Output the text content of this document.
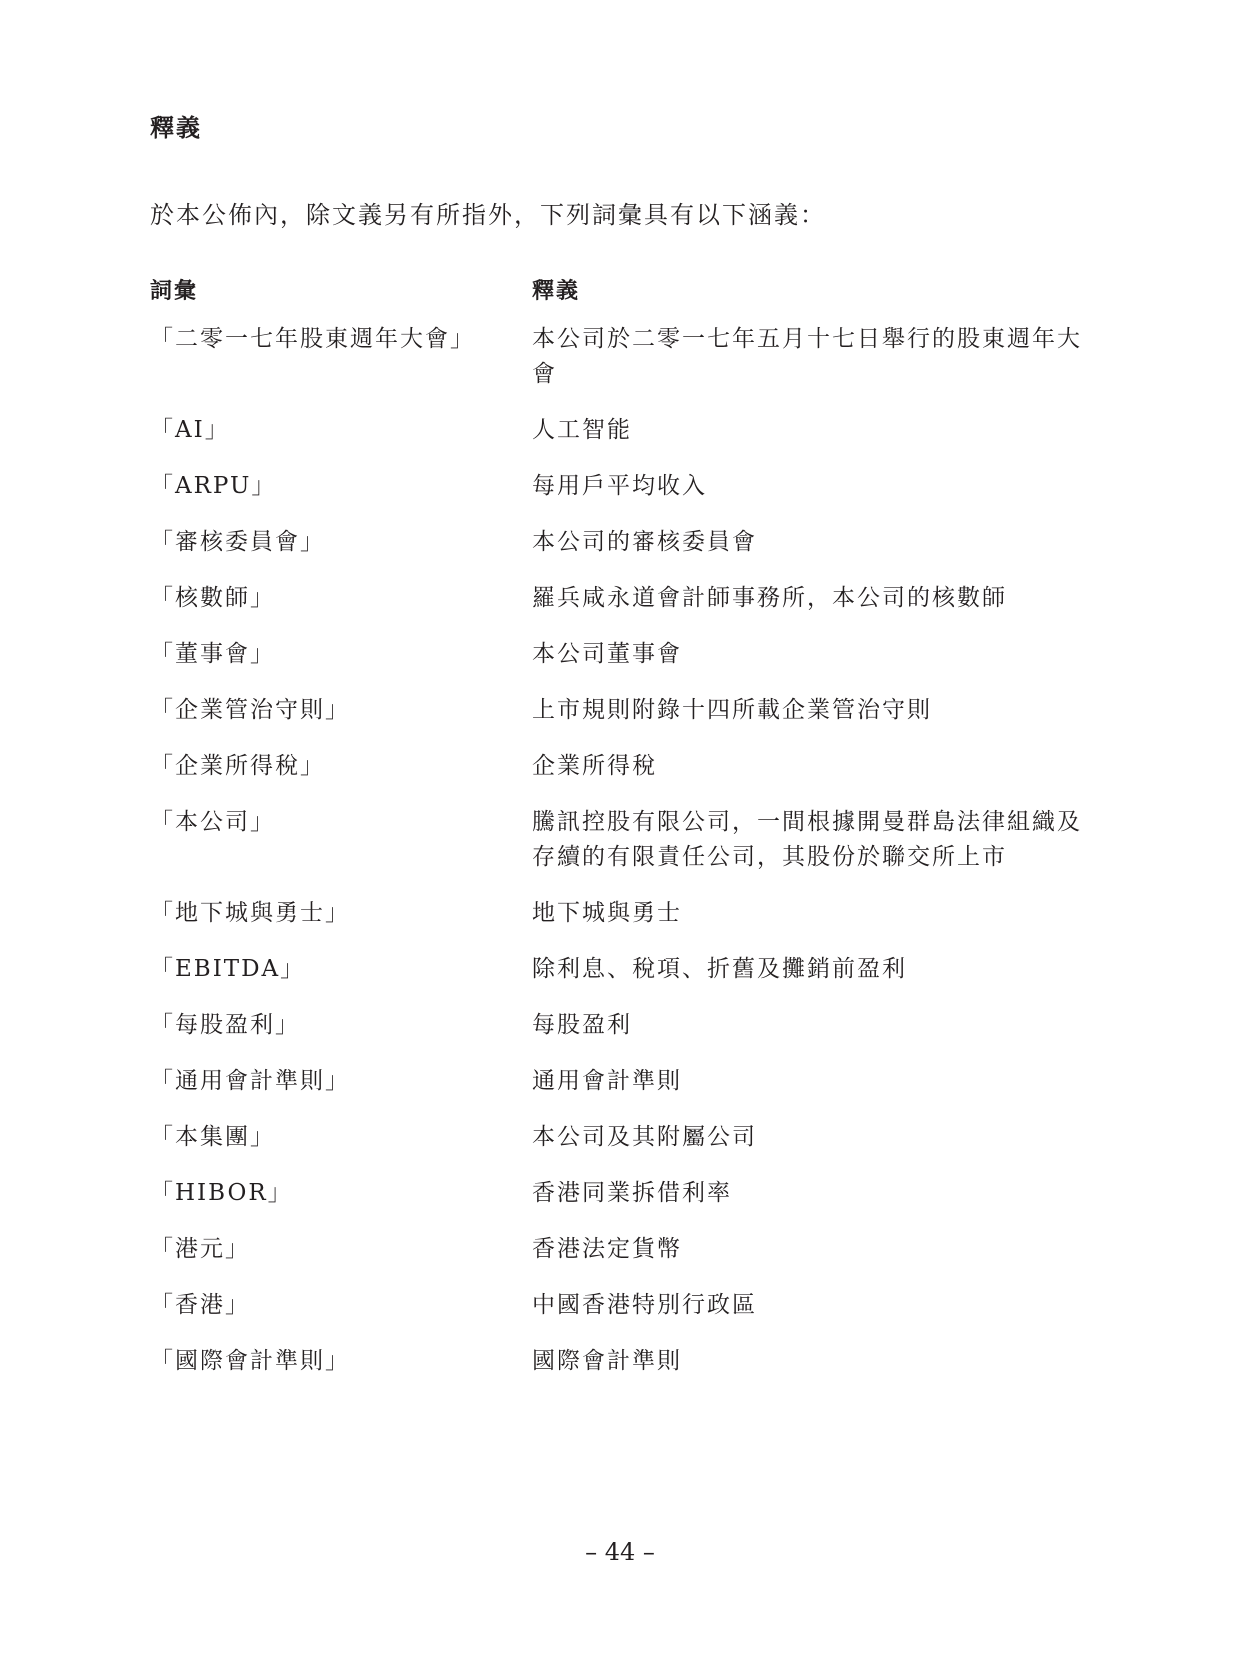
釋義

於本公佈內，除文義另有所指外，下列詞彙具有以下涵義：

詞彙	釋義
「二零一七年股東週年大會」	本公司於二零一七年五月十七日舉行的股東週年大會
「AI」	人工智能
「ARPU」	每用戶平均收入
「審核委員會」	本公司的審核委員會
「核數師」	羅兵咸永道會計師事務所，本公司的核數師
「董事會」	本公司董事會
「企業管治守則」	上市規則附錄十四所載企業管治守則
「企業所得稅」	企業所得稅
「本公司」	騰訊控股有限公司，一間根據開曼群島法律組織及存續的有限責任公司，其股份於聯交所上市
「地下城與勇士」	地下城與勇士
「EBITDA」	除利息、稅項、折舊及攤銷前盈利
「每股盈利」	每股盈利
「通用會計準則」	通用會計準則
「本集團」	本公司及其附屬公司
「HIBOR」	香港同業拆借利率
「港元」	香港法定貨幣
「香港」	中國香港特別行政區
「國際會計準則」	國際會計準則
– 44 –
